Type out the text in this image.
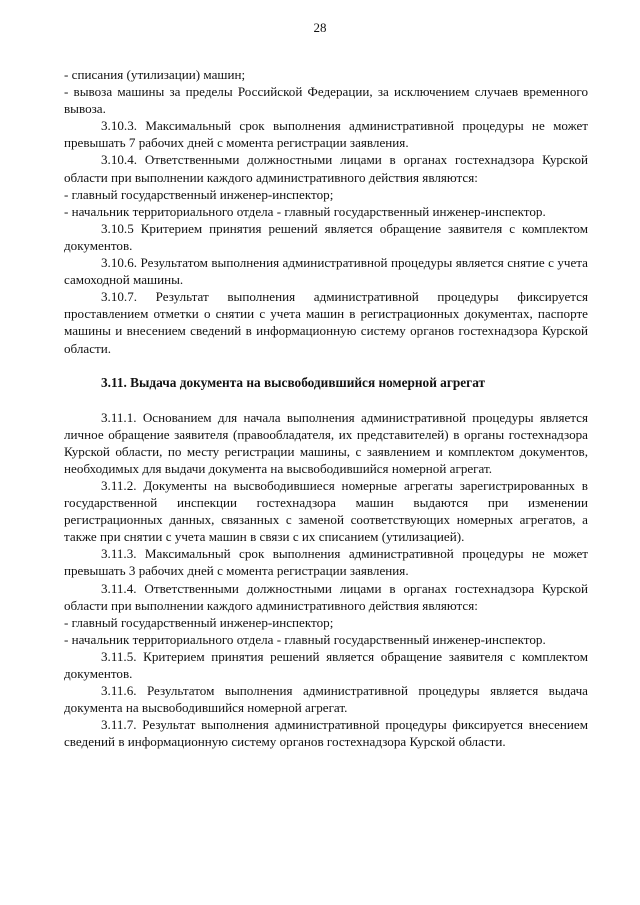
28

- списания (утилизации) машин;

- вывоза машины за пределы Российской Федерации, за исключением случаев временного вывоза.

3.10.3. Максимальный срок выполнения административной процедуры не может превышать 7 рабочих дней с момента регистрации заявления.

3.10.4. Ответственными должностными лицами в органах гостехнадзора Курской области при выполнении каждого административного действия являются:

- главный государственный инженер-инспектор;

- начальник территориального отдела - главный государственный инженер-инспектор.

3.10.5 Критерием принятия решений является обращение заявителя с комплектом документов.

3.10.6. Результатом выполнения административной процедуры является снятие с учета самоходной машины.

3.10.7. Результат выполнения административной процедуры фиксируется проставлением отметки о снятии с учета машин в регистрационных документах, паспорте машины и внесением сведений в информационную систему органов гостехнадзора Курской области.

3.11. Выдача документа на высвободившийся номерной агрегат

3.11.1. Основанием для начала выполнения административной процедуры является личное обращение заявителя (правообладателя, их представителей) в органы гостехнадзора Курской области, по месту регистрации машины, с заявлением и комплектом документов, необходимых для выдачи документа на высвободившийся номерной агрегат.

3.11.2. Документы на высвободившиеся номерные агрегаты зарегистрированных в государственной инспекции гостехнадзора машин выдаются при изменении регистрационных данных, связанных с заменой соответствующих номерных агрегатов, а также при снятии с учета машин в связи с их списанием (утилизацией).

3.11.3. Максимальный срок выполнения административной процедуры не может превышать 3 рабочих дней с момента регистрации заявления.

3.11.4. Ответственными должностными лицами в органах гостехнадзора Курской области при выполнении каждого административного действия являются:

- главный государственный инженер-инспектор;

- начальник территориального отдела - главный государственный инженер-инспектор.

3.11.5. Критерием принятия решений является обращение заявителя с комплектом документов.

3.11.6. Результатом выполнения административной процедуры является выдача документа на высвободившийся номерной агрегат.

3.11.7. Результат выполнения административной процедуры фиксируется внесением сведений в информационную систему органов гостехнадзора Курской области.
